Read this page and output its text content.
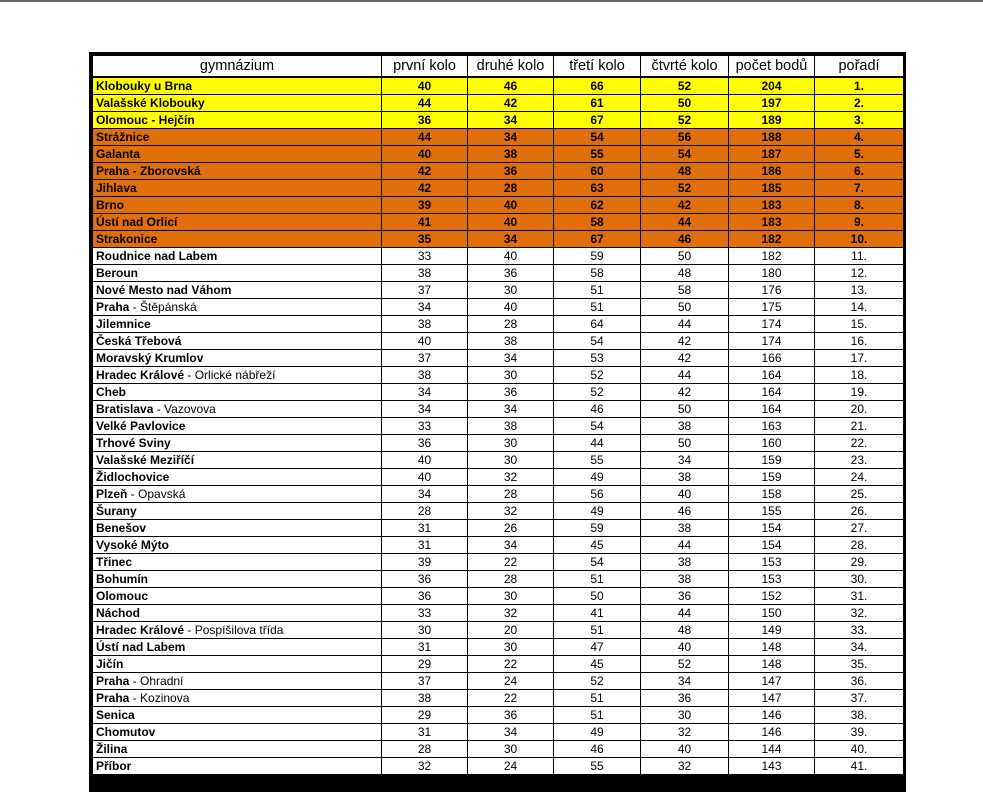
gymnázium	první kolo	druhé kolo	třetí kolo	čtvrté kolo	počet bodů	pořadí
Klobouky u Brna	40	46	66	52	204	1.
Valašské Klobouky	44	42	61	50	197	2.
Olomouc - Hejčín	36	34	67	52	189	3.
Strážnice	44	34	54	56	188	4.
Galanta	40	38	55	54	187	5.
Praha - Zborovská	42	36	60	48	186	6.
Jihlava	42	28	63	52	185	7.
Brno	39	40	62	42	183	8.
Ústí nad Orlicí	41	40	58	44	183	9.
Strakonice	35	34	67	46	182	10.
Roudnice nad Labem	33	40	59	50	182	11.
Beroun	38	36	58	48	180	12.
Nové Mesto nad Váhom	37	30	51	58	176	13.
Praha - Štěpánská	34	40	51	50	175	14.
Jilemnice	38	28	64	44	174	15.
Česká Třebová	40	38	54	42	174	16.
Moravský Krumlov	37	34	53	42	166	17.
Hradec Králové - Orlické nábřeží	38	30	52	44	164	18.
Cheb	34	36	52	42	164	19.
Bratislava - Vazovova	34	34	46	50	164	20.
Velké Pavlovice	33	38	54	38	163	21.
Trhové Sviny	36	30	44	50	160	22.
Valašské Meziříčí	40	30	55	34	159	23.
Židlochovice	40	32	49	38	159	24.
Plzeň - Opavská	34	28	56	40	158	25.
Šurany	28	32	49	46	155	26.
Benešov	31	26	59	38	154	27.
Vysoké Mýto	31	34	45	44	154	28.
Třinec	39	22	54	38	153	29.
Bohumín	36	28	51	38	153	30.
Olomouc	36	30	50	36	152	31.
Náchod	33	32	41	44	150	32.
Hradec Králové - Pospíšilova třída	30	20	51	48	149	33.
Ústí nad Labem	31	30	47	40	148	34.
Jičín	29	22	45	52	148	35.
Praha - Ohradní	37	24	52	34	147	36.
Praha - Kozinova	38	22	51	36	147	37.
Senica	29	36	51	30	146	38.
Chomutov	31	34	49	32	146	39.
Žilina	28	30	46	40	144	40.
Příbor	32	24	55	32	143	41.
